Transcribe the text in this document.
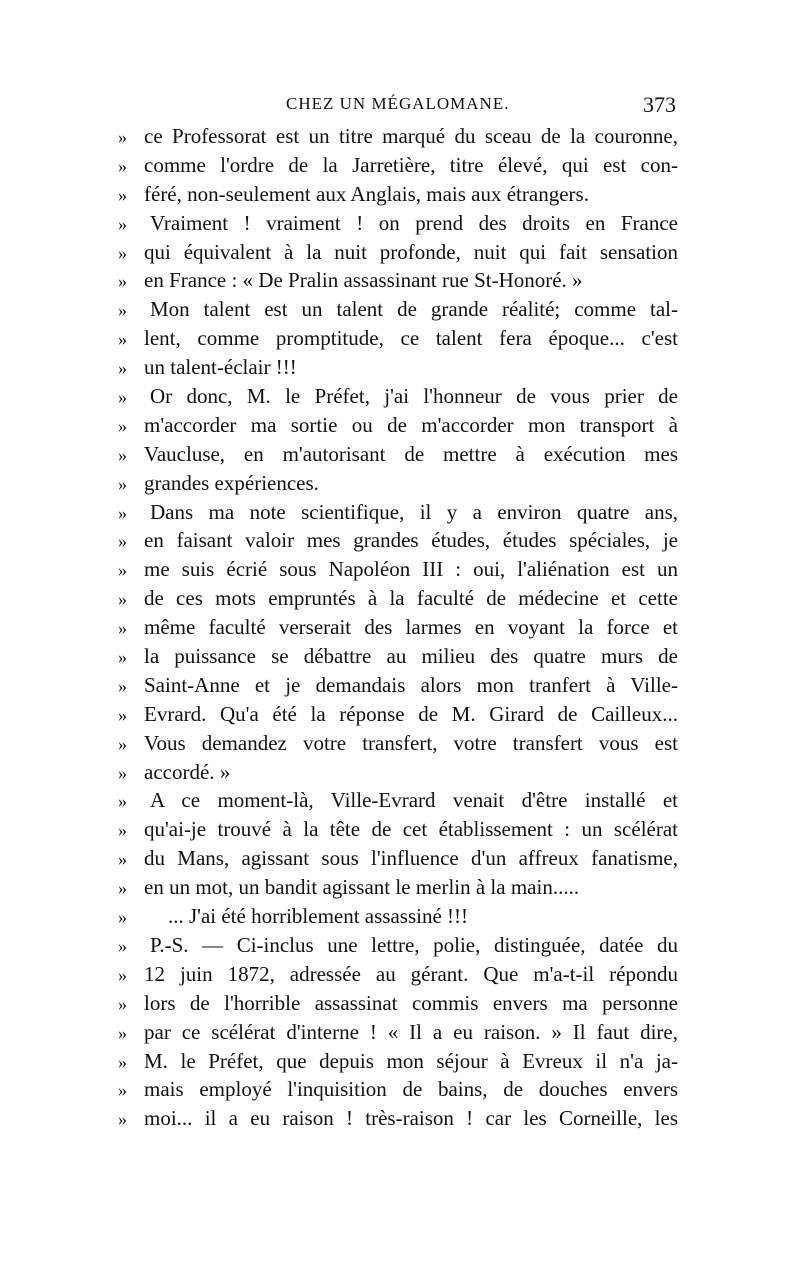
CHEZ UN MÉGALOMANE.	373
» ce Professorat est un titre marqué du sceau de la couronne,
» comme l'ordre de la Jarretière, titre élevé, qui est con-
» féré, non-seulement aux Anglais, mais aux étrangers.
» Vraiment ! vraiment ! on prend des droits en France
» qui équivalent à la nuit profonde, nuit qui fait sensation
» en France : « De Pralin assassinant rue St-Honoré. »
» Mon talent est un talent de grande réalité; comme tal-
» lent, comme promptitude, ce talent fera époque... c'est
» un talent-éclair !!!
» Or donc, M. le Préfet, j'ai l'honneur de vous prier de
» m'accorder ma sortie ou de m'accorder mon transport à
» Vaucluse, en m'autorisant de mettre à exécution mes
» grandes expériences.
» Dans ma note scientifique, il y a environ quatre ans,
» en faisant valoir mes grandes études, études spéciales, je
» me suis écrié sous Napoléon III : oui, l'aliénation est un
» de ces mots empruntés à la faculté de médecine et cette
» même faculté verserait des larmes en voyant la force et
» la puissance se débattre au milieu des quatre murs de
» Saint-Anne et je demandais alors mon tranfert à Ville-
» Evrard. Qu'a été la réponse de M. Girard de Cailleux...
» Vous demandez votre transfert, votre transfert vous est
» accordé. »
» A ce moment-là, Ville-Evrard venait d'être installé et
» qu'ai-je trouvé à la tête de cet établissement : un scélérat
» du Mans, agissant sous l'influence d'un affreux fanatisme,
» en un mot, un bandit agissant le merlin à la main.....
» ... J'ai été horriblement assassiné !!!
» P.-S. — Ci-inclus une lettre, polie, distinguée, datée du
» 12 juin 1872, adressée au gérant. Que m'a-t-il répondu
» lors de l'horrible assassinat commis envers ma personne
» par ce scélérat d'interne ! « Il a eu raison. » Il faut dire,
» M. le Préfet, que depuis mon séjour à Evreux il n'a ja-
» mais employé l'inquisition de bains, de douches envers
» moi... il a eu raison ! très-raison ! car les Corneille, les
